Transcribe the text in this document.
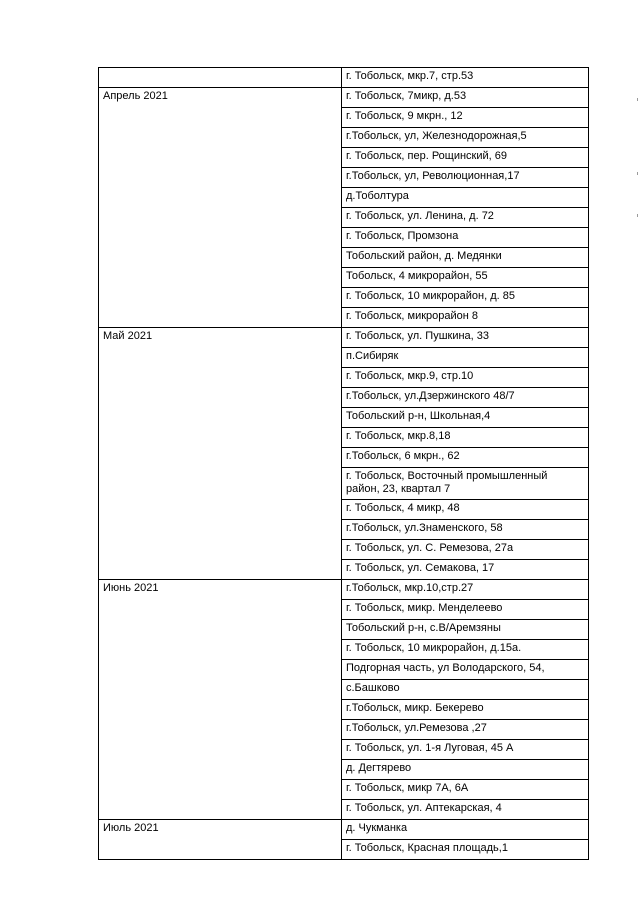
	г. Тобольск, мкр.7, стр.53
Апрель 2021	г. Тобольск, 7микр, д.53
	г. Тобольск, 9 мкрн., 12
	г.Тобольск, ул, Железнодорожная,5
	г. Тобольск, пер. Рощинский, 69
	г.Тобольск, ул, Революционная,17
	д.Тоболтура
	г. Тобольск, ул. Ленина, д. 72
	г. Тобольск, Промзона
	Тобольский район, д. Медянки
	Тобольск, 4 микрорайон, 55
	г. Тобольск, 10 микрорайон, д. 85
	г. Тобольск, микрорайон 8
Май 2021	г. Тобольск, ул. Пушкина, 33
	п.Сибиряк
	г. Тобольск, мкр.9, стр.10
	г.Тобольск, ул.Дзержинского 48/7
	Тобольский р-н, Школьная,4
	г. Тобольск, мкр.8,18
	г.Тобольск, 6 мкрн., 62
	г. Тобольск, Восточный промышленный район, 23, квартал 7
	г. Тобольск, 4 микр, 48
	г.Тобольск, ул.Знаменского, 58
	г. Тобольск, ул. С. Ремезова, 27а
	г. Тобольск, ул. Семакова, 17
Июнь 2021	г.Тобольск, мкр.10,стр.27
	г. Тобольск, микр. Менделеево
	Тобольский р-н, с.В/Аремзяны
	г. Тобольск, 10 микрорайон, д.15а.
	Подгорная часть, ул Володарского, 54,
	с.Башково
	г.Тобольск, микр. Бекерево
	г.Тобольск, ул.Ремезова ,27
	г. Тобольск, ул. 1-я Луговая, 45 А
	д. Дегтярево
	г. Тобольск, микр 7А, 6А
	г. Тобольск, ул. Аптекарская, 4
Июль 2021	д. Чукманка
	г. Тобольск, Красная площадь,1
